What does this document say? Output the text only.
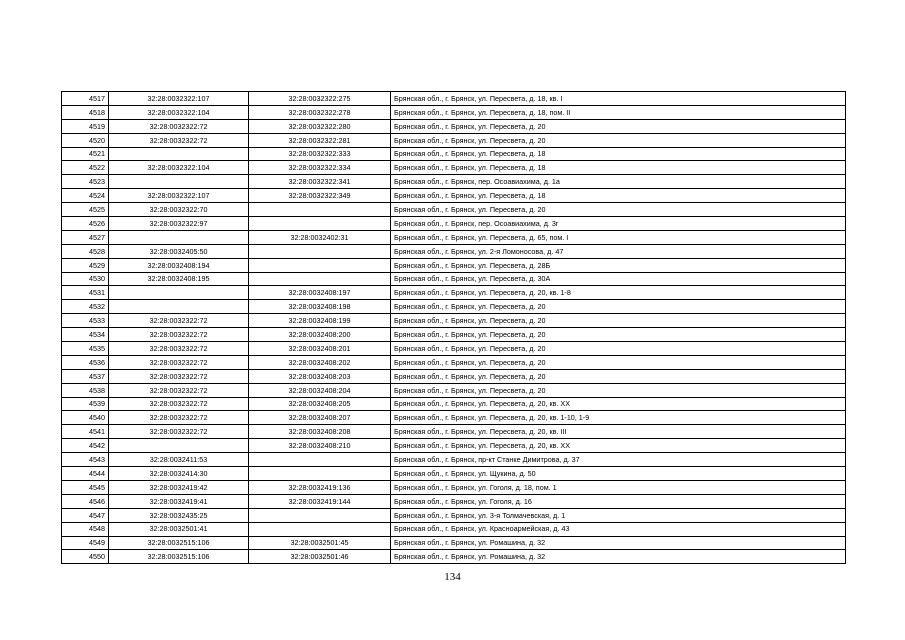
4517	32:28:0032322:107	32:28:0032322:275	Брянская обл., г. Брянск, ул. Пересвета, д. 18, кв. I
4518	32:28:0032322:104	32:28:0032322:278	Брянская обл., г. Брянск, ул. Пересвета, д. 18, пом. II
4519	32:28:0032322:72	32:28:0032322:280	Брянская обл., г. Брянск, ул. Пересвета, д. 20
4520	32:28:0032322:72	32:28:0032322:281	Брянская обл., г. Брянск, ул. Пересвета, д. 20
4521		32:28:0032322:333	Брянская обл., г. Брянск, ул. Пересвета, д. 18
4522	32:28:0032322:104	32:28:0032322:334	Брянская обл., г. Брянск, ул. Пересвета, д. 18
4523		32:28:0032322:341	Брянская обл., г. Брянск, пер. Осоавиахима, д. 1а
4524	32:28:0032322:107	32:28:0032322:349	Брянская обл., г. Брянск, ул. Пересвета, д. 18
4525	32:28:0032322:70		Брянская обл., г. Брянск, ул. Пересвета, д. 20
4526	32:28:0032322:97		Брянская обл., г. Брянск, пер. Осоавиахима, д. 3г
4527		32:28:0032402:31	Брянская обл., г. Брянск, ул. Пересвета, д. 65, пом. I
4528	32:28:0032405:50		Брянская обл., г. Брянск, ул. 2-я Ломоносова, д. 47
4529	32:28:0032408:194		Брянская обл., г. Брянск, ул. Пересвета, д. 28Б
4530	32:28:0032408:195		Брянская обл., г. Брянск, ул. Пересвета, д. 30А
4531		32:28:0032408:197	Брянская обл., г. Брянск, ул. Пересвета, д. 20, кв. 1-8
4532		32:28:0032408:198	Брянская обл., г. Брянск, ул. Пересвета, д. 20
4533	32:28:0032322:72	32:28:0032408:199	Брянская обл., г. Брянск, ул. Пересвета, д. 20
4534	32:28:0032322:72	32:28:0032408:200	Брянская обл., г. Брянск, ул. Пересвета, д. 20
4535	32:28:0032322:72	32:28:0032408:201	Брянская обл., г. Брянск, ул. Пересвета, д. 20
4536	32:28:0032322:72	32:28:0032408:202	Брянская обл., г. Брянск, ул. Пересвета, д. 20
4537	32:28:0032322:72	32:28:0032408:203	Брянская обл., г. Брянск, ул. Пересвета, д. 20
4538	32:28:0032322:72	32:28:0032408:204	Брянская обл., г. Брянск, ул. Пересвета, д. 20
4539	32:28:0032322:72	32:28:0032408:205	Брянская обл., г. Брянск, ул. Пересвета, д. 20, кв. XX
4540	32:28:0032322:72	32:28:0032408:207	Брянская обл., г. Брянск, ул. Пересвета, д. 20, кв. 1-10, 1-9
4541	32:28:0032322:72	32:28:0032408:208	Брянская обл., г. Брянск, ул. Пересвета, д. 20, кв. III
4542		32:28:0032408:210	Брянская обл., г. Брянск, ул. Пересвета, д. 20, кв. XX
4543	32:28:0032411:53		Брянская обл., г. Брянск, пр-кт Станке Димитрова, д. 37
4544	32:28:0032414:30		Брянская обл., г. Брянск, ул. Щукина, д. 50
4545	32:28:0032419:42	32:28:0032419:136	Брянская обл., г. Брянск, ул. Гоголя, д. 18, пом. 1
4546	32:28:0032419:41	32:28:0032419:144	Брянская обл., г. Брянск, ул. Гоголя, д. 16
4547	32:28:0032435:25		Брянская обл., г. Брянск, ул. 3-я Толмачевская, д. 1
4548	32:28:0032501:41		Брянская обл., г. Брянск, ул. Красноармейская, д. 43
4549	32:28:0032515:106	32:28:0032501:45	Брянская обл., г. Брянск, ул. Ромашина, д. 32
4550	32:28:0032515:106	32:28:0032501:46	Брянская обл., г. Брянск, ул. Ромашина, д. 32
134
